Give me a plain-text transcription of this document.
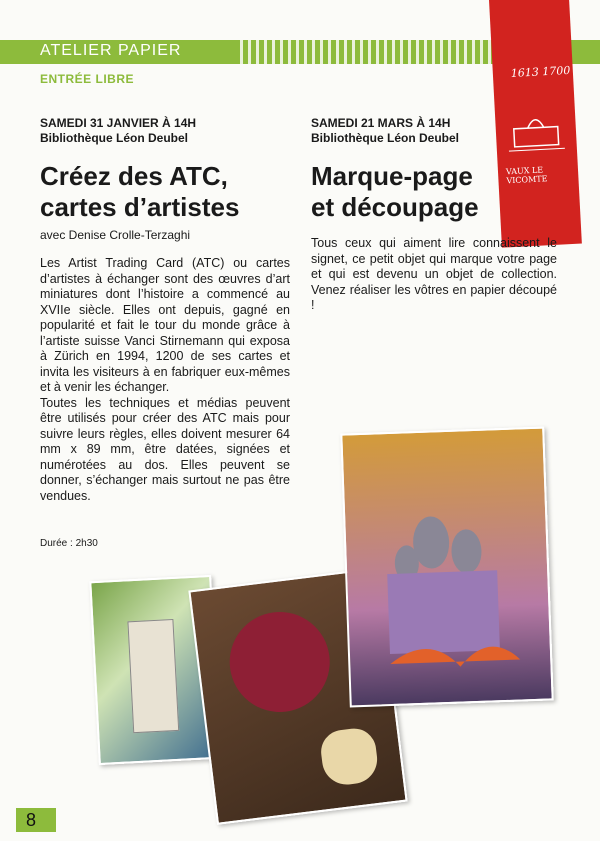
ATELIER PAPIER
ENTRÉE LIBRE	1613 1700
VAUX LE VICOMTE
SAMEDI 31 JANVIER À 14H
Bibliothèque Léon Deubel
Créez des ATC,
cartes d’artistes
avec Denise Crolle-Terzaghi

Les Artist Trading Card (ATC) ou cartes d’artistes à échanger sont des œuvres d’art miniatures dont l’histoire a commencé au XVIIe siècle. Elles ont depuis, gagné en popularité et fait le tour du monde grâce à l’artiste suisse Vanci Stirnemann qui exposa à Zürich en 1994, 1200 de ses cartes et invita les visiteurs à en fabriquer eux-mêmes et à venir les échanger.
Toutes les techniques et médias peuvent être utilisés pour créer des ATC mais pour suivre leurs règles, elles doivent mesurer 64 mm x 89 mm, être datées, signées et numérotées au dos. Elles peuvent se donner, s’échanger mais surtout ne pas être vendues.

Durée : 2h30
SAMEDI 21 MARS À 14H
Bibliothèque Léon Deubel
Marque-page
et découpage

Tous ceux qui aiment lire connaissent le signet, ce petit objet qui marque votre page et qui est devenu un objet de collection. Venez réaliser les vôtres en papier découpé !

8
